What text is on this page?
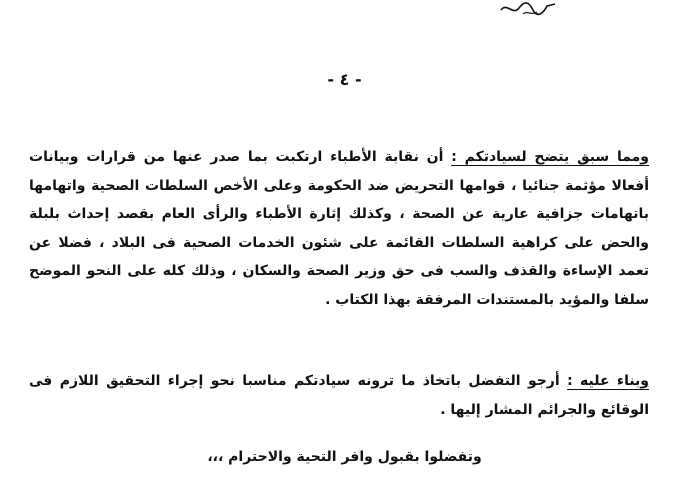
- ٤ -
ومما سبق يتضح لسيادتكم : أن نقابة الأطباء ارتكبت بما صدر عنها من قرارات وبيانات أفعالا مؤثمة جنائيا ، قوامها التحريض ضد الحكومة وعلى الأخص السلطات الصحية واتهامها باتهامات جزافية عارية عن الصحة ، وكذلك إثارة الأطباء والرأى العام بقصد إحداث بلبلة والحض على كراهية السلطات القائمة على شئون الخدمات الصحية فى البلاد ، فضلا عن تعمد الإساءة والقذف والسب فى حق وزير الصحة والسكان ، وذلك كله على النحو الموضح سلفا والمؤيد بالمستندات المرفقة بهذا الكتاب .
وبناء عليه : أرجو التفضل باتخاذ ما ترونه سيادتكم مناسبا نحو إجراء التحقيق اللازم فى الوقائع والجرائم المشار إليها .
وتفضلوا بقبول وافر التحية والاحترام ،،،
